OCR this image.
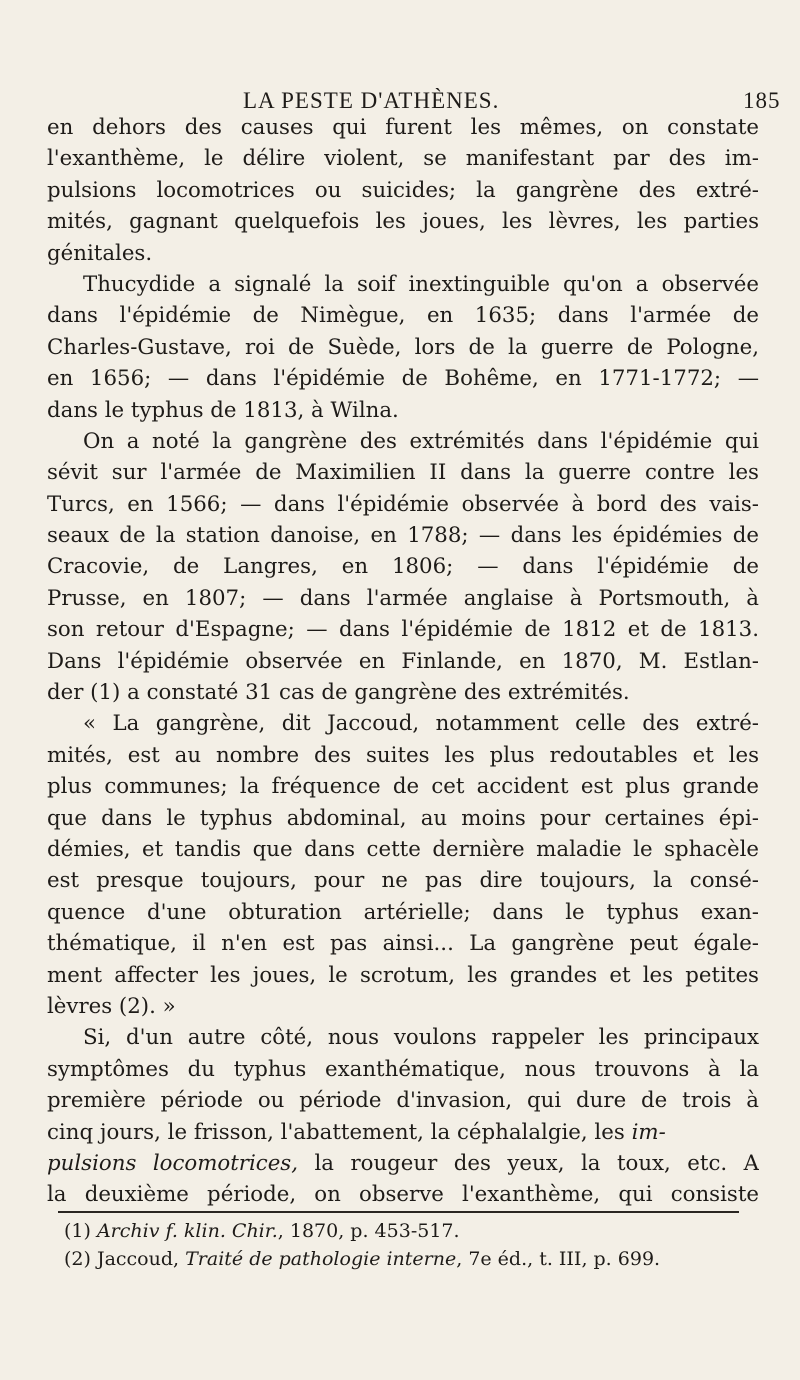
LA PESTE D'ATHÈNES.	185
en dehors des causes qui furent les mêmes, on constate
l'exanthème, le délire violent, se manifestant par des im-
pulsions locomotrices ou suicides; la gangrène des extré-
mités, gagnant quelquefois les joues, les lèvres, les parties
génitales.
Thucydide a signalé la soif inextinguible qu'on a observée
dans l'épidémie de Nimègue, en 1635; dans l'armée de
Charles-Gustave, roi de Suède, lors de la guerre de Pologne,
en 1656; — dans l'épidémie de Bohême, en 1771-1772; —
dans le typhus de 1813, à Wilna.
On a noté la gangrène des extrémités dans l'épidémie qui
sévit sur l'armée de Maximilien II dans la guerre contre les
Turcs, en 1566; — dans l'épidémie observée à bord des vais-
seaux de la station danoise, en 1788; — dans les épidémies de
Cracovie, de Langres, en 1806; — dans l'épidémie de
Prusse, en 1807; — dans l'armée anglaise à Portsmouth, à
son retour d'Espagne; — dans l'épidémie de 1812 et de 1813.
Dans l'épidémie observée en Finlande, en 1870, M. Estlan-
der (1) a constaté 31 cas de gangrène des extrémités.
« La gangrène, dit Jaccoud, notamment celle des extré-
mités, est au nombre des suites les plus redoutables et les
plus communes; la fréquence de cet accident est plus grande
que dans le typhus abdominal, au moins pour certaines épi-
démies, et tandis que dans cette dernière maladie le sphacèle
est presque toujours, pour ne pas dire toujours, la consé-
quence d'une obturation artérielle; dans le typhus exan-
thématique, il n'en est pas ainsi... La gangrène peut égale-
ment affecter les joues, le scrotum, les grandes et les petites
lèvres (2). »
Si, d'un autre côté, nous voulons rappeler les principaux
symptômes du typhus exanthématique, nous trouvons à la
première période ou période d'invasion, qui dure de trois à
cinq jours, le frisson, l'abattement, la céphalalgie, les im-
pulsions locomotrices, la rougeur des yeux, la toux, etc. A
la deuxième période, on observe l'exanthème, qui consiste
(1) Archiv f. klin. Chir., 1870, p. 453-517.
(2) Jaccoud, Traité de pathologie interne, 7e éd., t. III, p. 699.
